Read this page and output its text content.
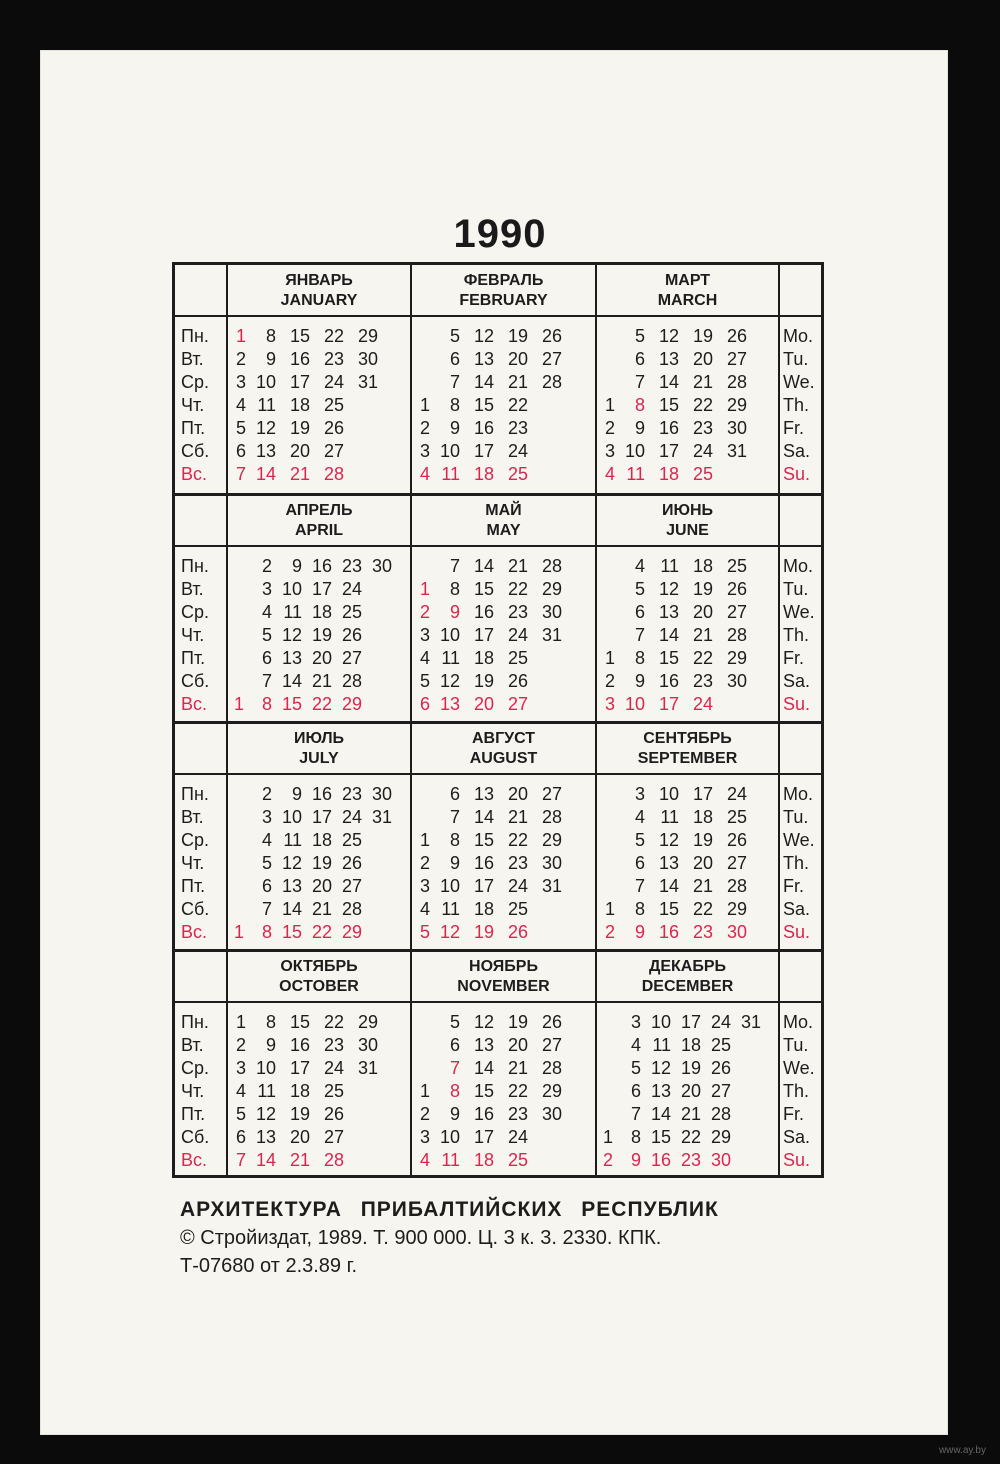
1990
Пн.
Вт.
Ср.
Чт.
Пт.
Сб.
Вс.
Mo.
Tu.
We.
Th.
Fr.
Sa.
Su.
ЯНВАРЬ
JANUARY
1 8 15 22 29
2 9 16 23 30
3 10 17 24 31
4 11 18 25
5 12 19 26
6 13 20 27
7 14 21 28
ФЕВРАЛЬ
FEBRUARY
5 12 19 26
6 13 20 27
7 14 21 28
1 8 15 22
2 9 16 23
3 10 17 24
4 11 18 25
МАРТ
MARCH
5 12 19 26
6 13 20 27
7 14 21 28
1 8 15 22 29
2 9 16 23 30
3 10 17 24 31
4 11 18 25
Пн.
Вт.
Ср.
Чт.
Пт.
Сб.
Вс.
Mo.
Tu.
We.
Th.
Fr.
Sa.
Su.
АПРЕЛЬ
APRIL
2 9 16 23 30
3 10 17 24
4 11 18 25
5 12 19 26
6 13 20 27
7 14 21 28
1 8 15 22 29
МАЙ
MAY
7 14 21 28
1 8 15 22 29
2 9 16 23 30
3 10 17 24 31
4 11 18 25
5 12 19 26
6 13 20 27
ИЮНЬ
JUNE
4 11 18 25
5 12 19 26
6 13 20 27
7 14 21 28
1 8 15 22 29
2 9 16 23 30
3 10 17 24
Пн.
Вт.
Ср.
Чт.
Пт.
Сб.
Вс.
Mo.
Tu.
We.
Th.
Fr.
Sa.
Su.
ИЮЛЬ
JULY
2 9 16 23 30
3 10 17 24 31
4 11 18 25
5 12 19 26
6 13 20 27
7 14 21 28
1 8 15 22 29
АВГУСТ
AUGUST
6 13 20 27
7 14 21 28
1 8 15 22 29
2 9 16 23 30
3 10 17 24 31
4 11 18 25
5 12 19 26
СЕНТЯБРЬ
SEPTEMBER
3 10 17 24
4 11 18 25
5 12 19 26
6 13 20 27
7 14 21 28
1 8 15 22 29
2 9 16 23 30
Пн.
Вт.
Ср.
Чт.
Пт.
Сб.
Вс.
Mo.
Tu.
We.
Th.
Fr.
Sa.
Su.
ОКТЯБРЬ
OCTOBER
1 8 15 22 29
2 9 16 23 30
3 10 17 24 31
4 11 18 25
5 12 19 26
6 13 20 27
7 14 21 28
НОЯБРЬ
NOVEMBER
5 12 19 26
6 13 20 27
7 14 21 28
1 8 15 22 29
2 9 16 23 30
3 10 17 24
4 11 18 25
ДЕКАБРЬ
DECEMBER
3 10 17 24 31
4 11 18 25
5 12 19 26
6 13 20 27
7 14 21 28
1 8 15 22 29
2 9 16 23 30
АРХИТЕКТУРА ПРИБАЛТИЙСКИХ РЕСПУБЛИК
© Стройиздат, 1989. Т. 900 000. Ц. 3 к. 3. 2330. КПК.
Т-07680 от 2.3.89 г.
www.ay.by
